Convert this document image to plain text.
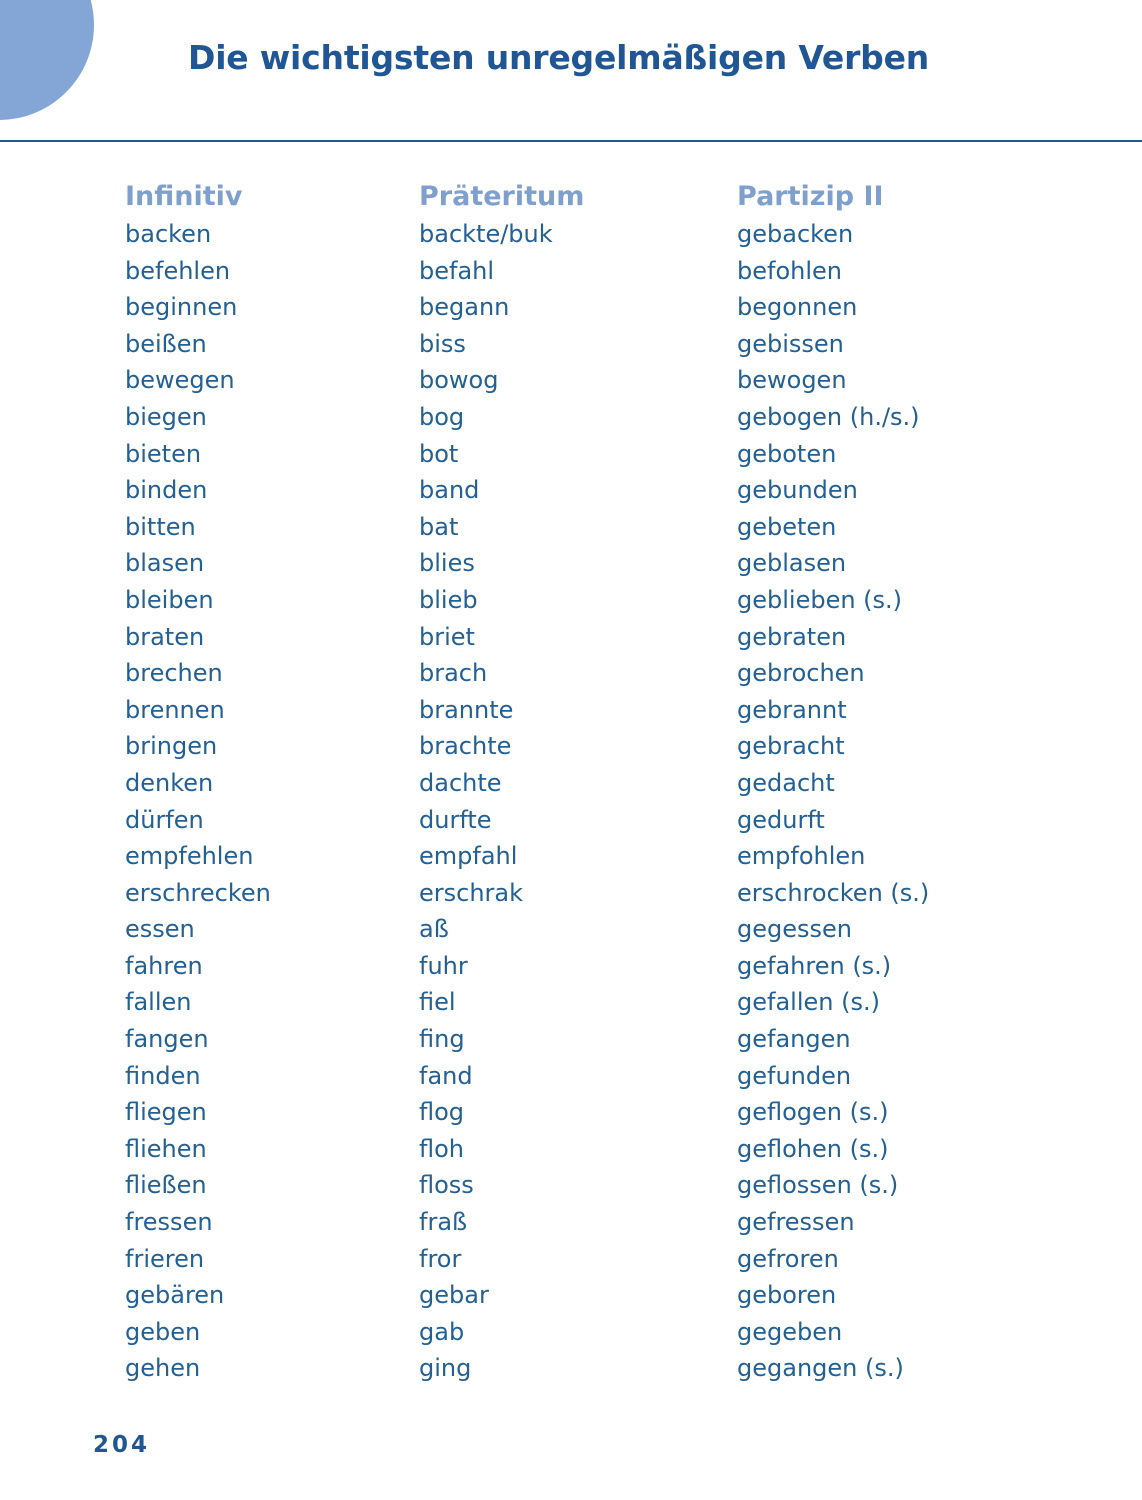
Die wichtigsten unregelmäßigen Verben
Infinitiv
backen
befehlen
beginnen
beißen
bewegen
biegen
bieten
binden
bitten
blasen
bleiben
braten
brechen
brennen
bringen
denken
dürfen
empfehlen
erschrecken
essen
fahren
fallen
fangen
finden
fliegen
fliehen
fließen
fressen
frieren
gebären
geben
gehen
Präteritum
backte/buk
befahl
begann
biss
bowog
bog
bot
band
bat
blies
blieb
briet
brach
brannte
brachte
dachte
durfte
empfahl
erschrak
aß
fuhr
fiel
fing
fand
flog
floh
floss
fraß
fror
gebar
gab
ging
Partizip II
gebacken
befohlen
begonnen
gebissen
bewogen
gebogen (h./s.)
geboten
gebunden
gebeten
geblasen
geblieben (s.)
gebraten
gebrochen
gebrannt
gebracht
gedacht
gedurft
empfohlen
erschrocken (s.)
gegessen
gefahren (s.)
gefallen (s.)
gefangen
gefunden
geflogen (s.)
geflohen (s.)
geflossen (s.)
gefressen
gefroren
geboren
gegeben
gegangen (s.)
204
